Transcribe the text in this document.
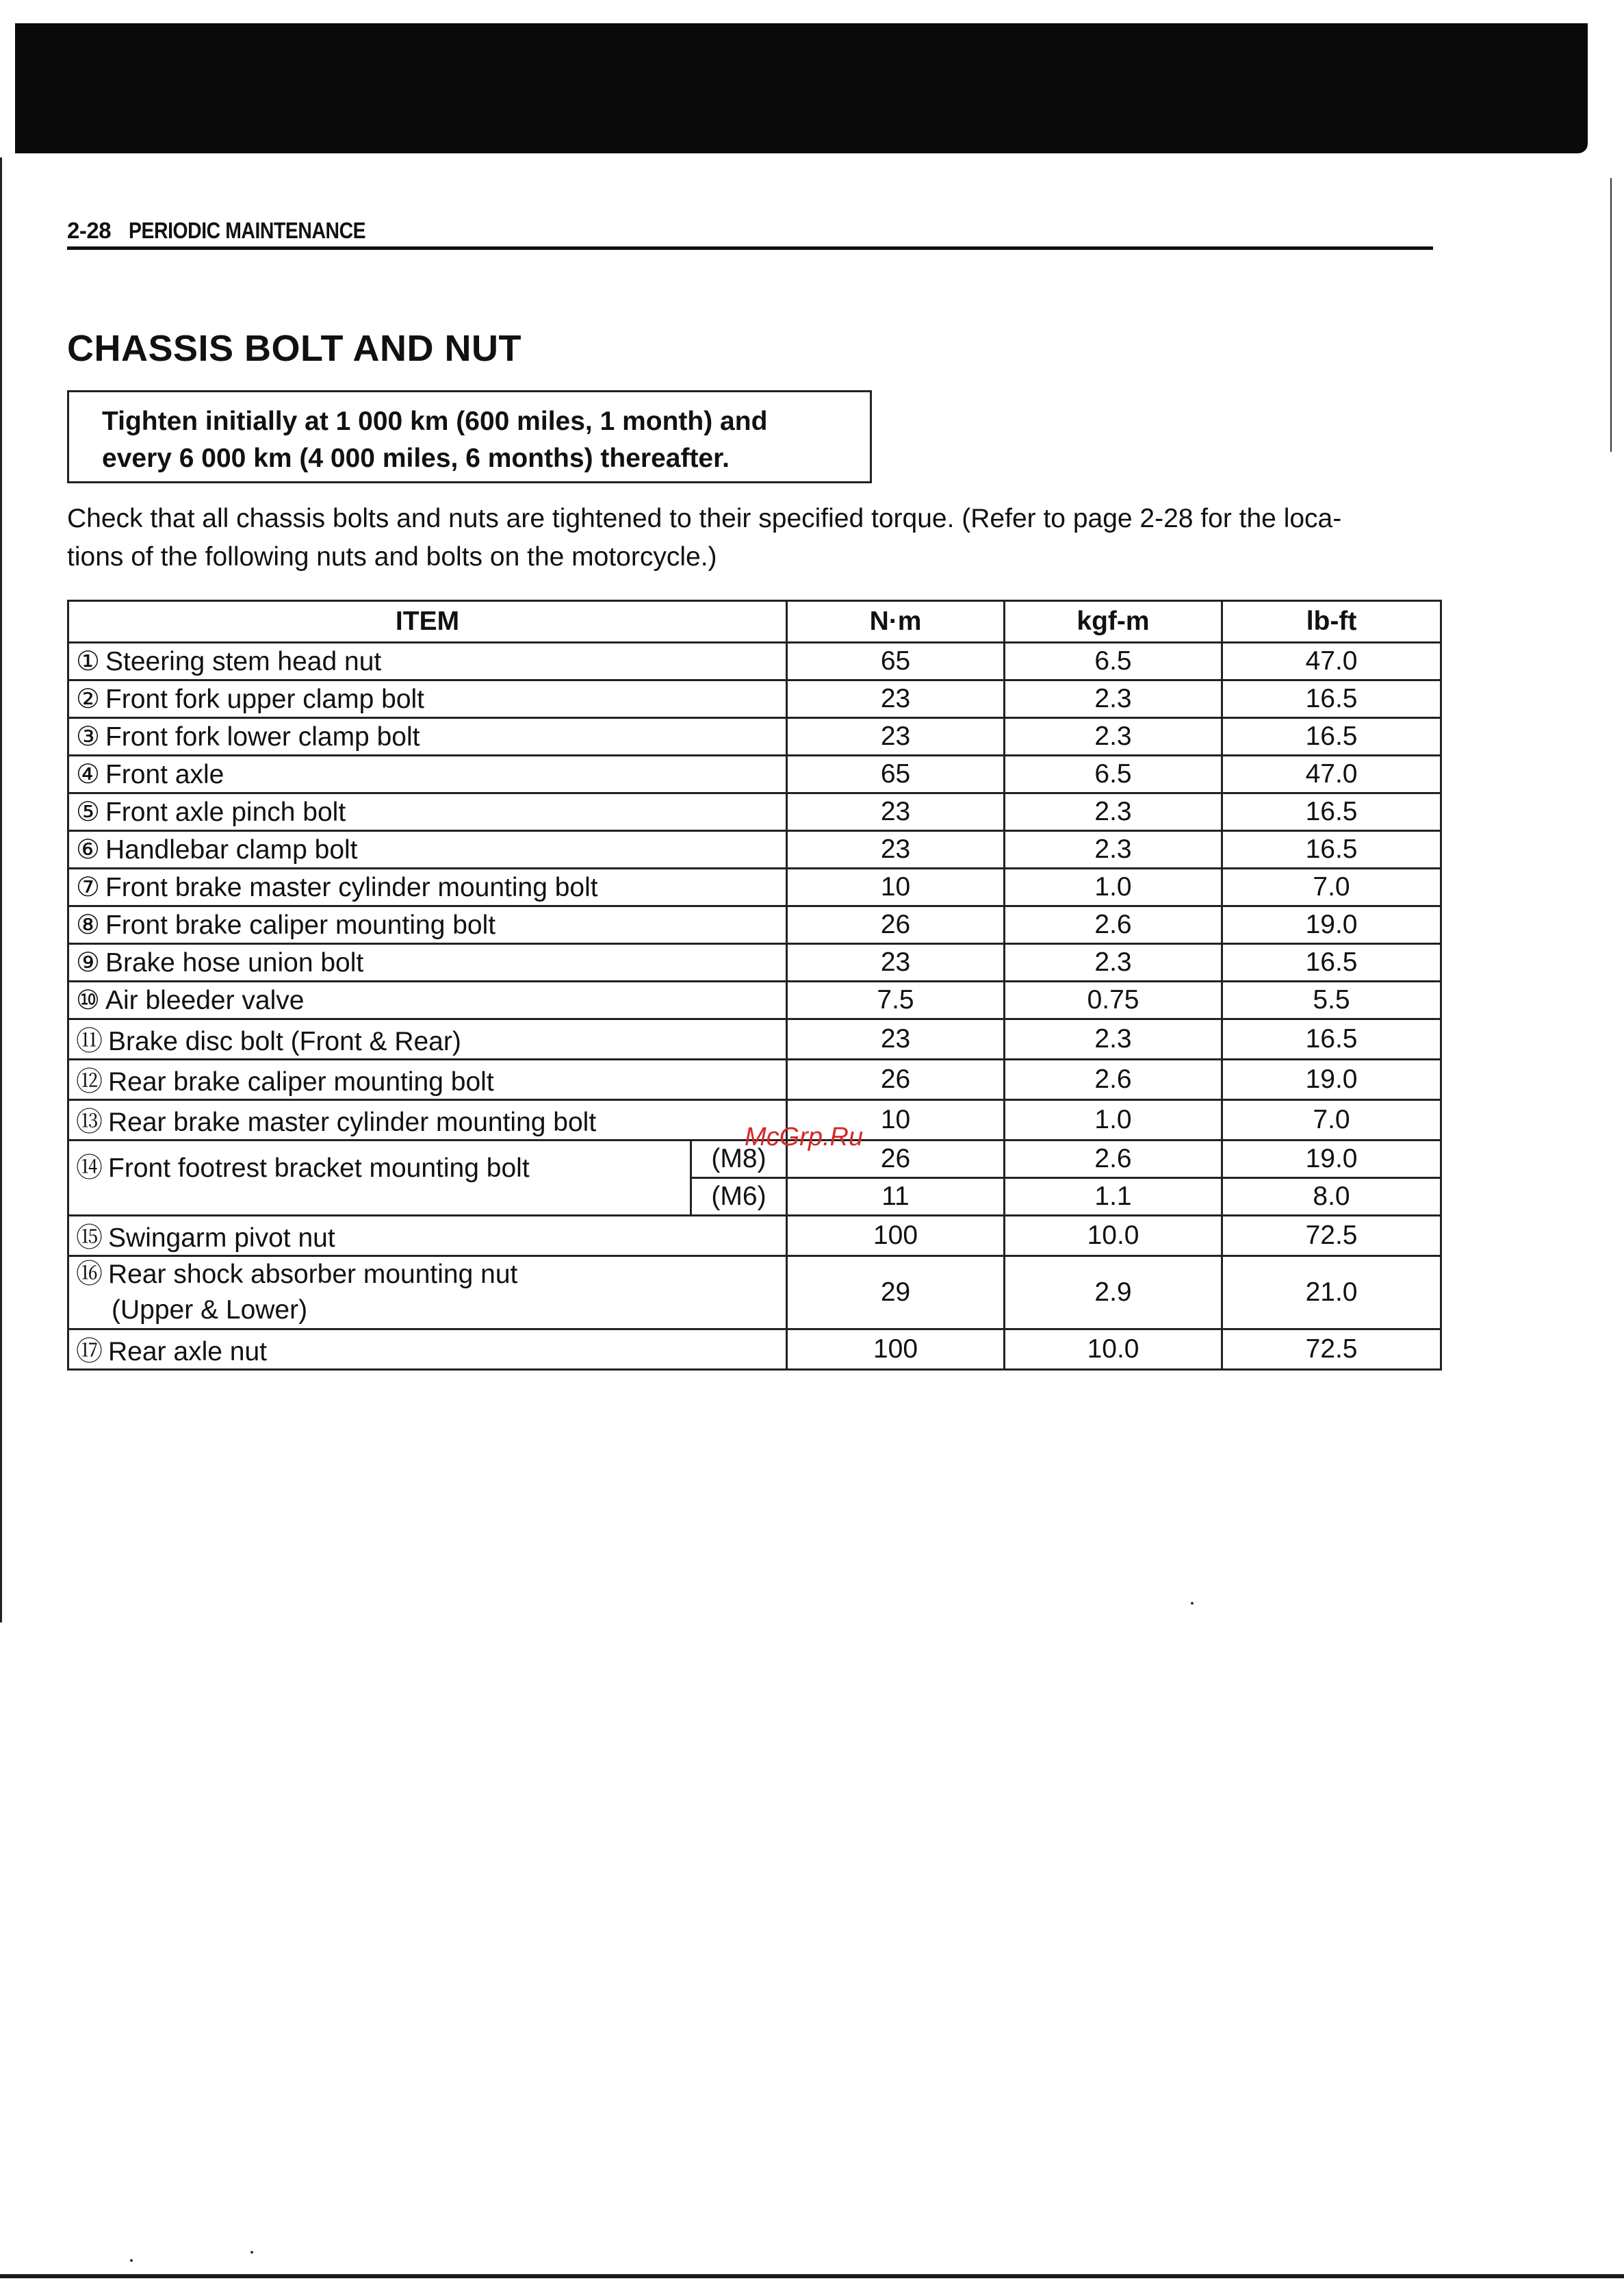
2-28 PERIODIC MAINTENANCE
CHASSIS BOLT AND NUT
Tighten initially at 1 000 km (600 miles, 1 month) and
every 6 000 km (4 000 miles, 6 months) thereafter.
Check that all chassis bolts and nuts are tightened to their specified torque. (Refer to page 2-28 for the loca-
tions of the following nuts and bolts on the motorcycle.)
ITEM		N·m	kgf-m	lb-ft
① Steering stem head nut		65	6.5	47.0
② Front fork upper clamp bolt		23	2.3	16.5
③ Front fork lower clamp bolt		23	2.3	16.5
④ Front axle		65	6.5	47.0
⑤ Front axle pinch bolt		23	2.3	16.5
⑥ Handlebar clamp bolt		23	2.3	16.5
⑦ Front brake master cylinder mounting bolt		10	1.0	7.0
⑧ Front brake caliper mounting bolt		26	2.6	19.0
⑨ Brake hose union bolt		23	2.3	16.5
⑩ Air bleeder valve		7.5	0.75	5.5
⑪ Brake disc bolt (Front & Rear)		23	2.3	16.5
⑫ Rear brake caliper mounting bolt		26	2.6	19.0
⑬ Rear brake master cylinder mounting bolt		10	1.0	7.0
⑭ Front footrest bracket mounting bolt	(M8)	26	2.6	19.0
	(M6)	11	1.1	8.0
⑮ Swingarm pivot nut		100	10.0	72.5

⑯ Rear shock absorber mounting nut
(Upper & Lower)		29	2.9	21.0
⑰ Rear axle nut		100	10.0	72.5
McGrp.Ru
